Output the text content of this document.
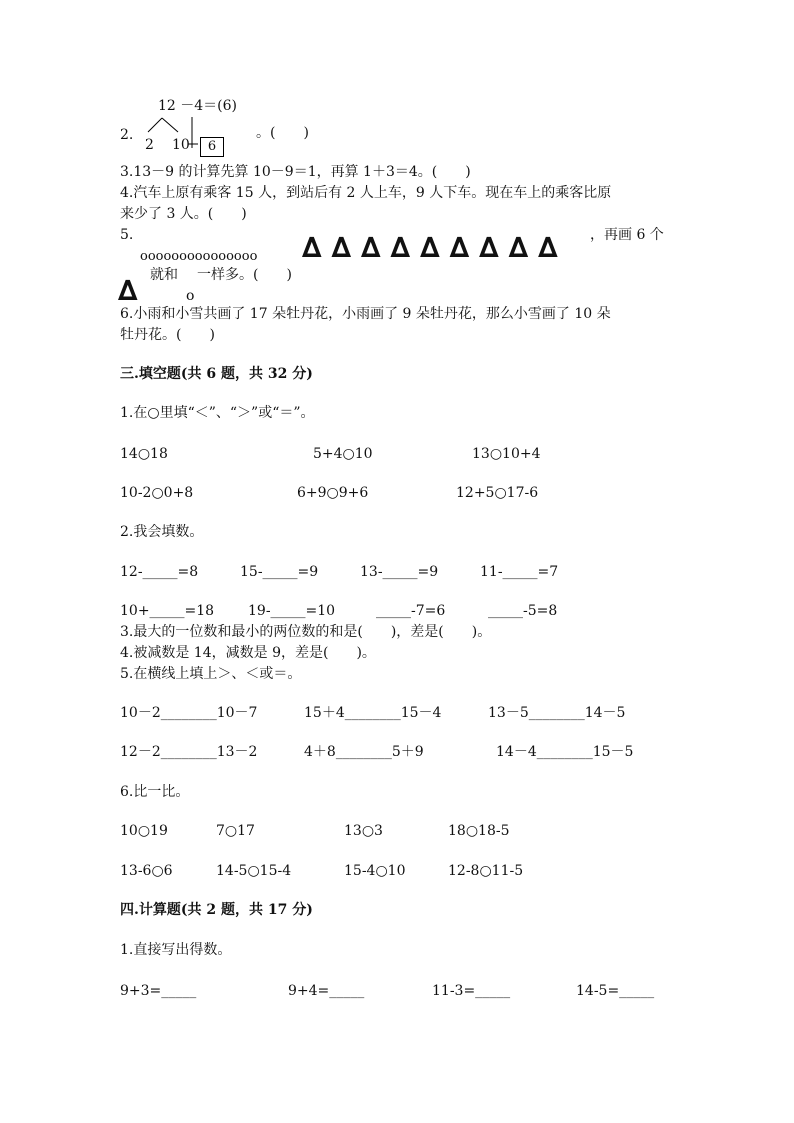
12 －4＝(6)
2.
2 10	6
。(　　)
3.13－9 的计算先算 10－9＝1，再算 1＋3＝4。(　　)
4.汽车上原有乘客 15 人，到站后有 2 人上车，9 人下车。现在车上的乘客比原
来少了 3 人。(　　)
5.
ooooooooooooooo ∆ ∆ ∆ ∆ ∆ ∆ ∆ ∆ ∆ ，再画 6 个
就和 一样多。(　　)
∆	o
6.小雨和小雪共画了 17 朵牡丹花，小雨画了 9 朵牡丹花，那么小雪画了 10 朵
牡丹花。(　　)
三.填空题(共 6 题，共 32 分)
1.在○里填“＜”、“＞”或“＝”。
14○18	5+4○10	13○10+4
10-2○0+8	6+9○9+6	12+5○17-6
2.我会填数。
12-_____=8	15-_____=9	13-_____=9	11-_____=7
10+_____=18 19-_____=10	_____-7=6	_____-5=8
3.最大的一位数和最小的两位数的和是(　　)，差是(　　)。
4.被减数是 14，减数是 9，差是(　　)。
5.在横线上填上＞、＜或＝。
10－2________10－7	15＋4________15－4	13－5________14－5
12－2________13－2	4＋8________5＋9	14－4________15－5
6.比一比。
10○19	7○17	13○3	18○18-5
13-6○6	14-5○15-4	15-4○10	12-8○11-5
四.计算题(共 2 题，共 17 分)
1.直接写出得数。
9+3=_____	9+4=_____	11-3=_____	14-5=_____
